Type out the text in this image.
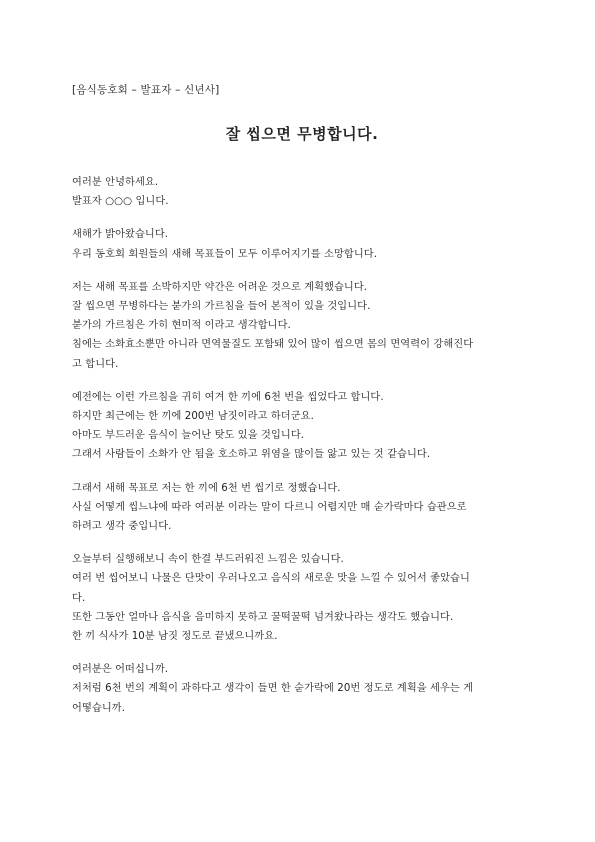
[음식동호회 – 발표자 – 신년사]
잘 씹으면 무병합니다.
여러분 안녕하세요.
발표자 ○○○ 입니다.
새해가 밝아왔습니다.
우리 동호회 회원들의 새해 목표들이 모두 이루어지기를 소망합니다.
저는 새해 목표를 소박하지만 약간은 어려운 것으로 계획했습니다.
잘 씹으면 무병하다는 붇가의 가르침을 들어 본적이 있을 것입니다.
붇가의 가르침은 가히 현미적 이라고 생각합니다.
침에는 소화효소뿐만 아니라 면역물질도 포함돼 있어 많이 씹으면 몸의 면역력이 강해진다
고 합니다.
예전에는 이런 가르침을 귀히 여겨 한 끼에 6천 번을 씹었다고 합니다.
하지만 최근에는 한 끼에 200번 남짓이라고 하더군요.
아마도 부드러운 음식이 늘어난 탓도 있을 것입니다.
그래서 사람들이 소화가 안 됨을 호소하고 위염을 많이들 앓고 있는 것 같습니다.
그래서 새해 목표로 저는 한 끼에 6천 번 씹기로 정했습니다.
사실 어떻게 씹느냐에 따라 여러분 이라는 말이 다르니 어렵지만 매 숟가락마다 습관으로
하려고 생각 중입니다.
오늘부터 실행해보니 속이 한결 부드러워진 느낌은 있습니다.
여러 번 씹어보니 나물은 단맛이 우러나오고 음식의 새로운 맛을 느낄 수 있어서 좋았습니
다.
또한 그동안 얼마나 음식을 음미하지 못하고 꿀떡꿀떡 넘겨왔나라는 생각도 했습니다.
한 끼 식사가 10분 남짓 정도로 끝냈으니까요.
여러분은 어떠십니까.
저처럼 6천 번의 계획이 과하다고 생각이 들면 한 숟가락에 20번 정도로 계획을 세우는 게
어떻습니까.
